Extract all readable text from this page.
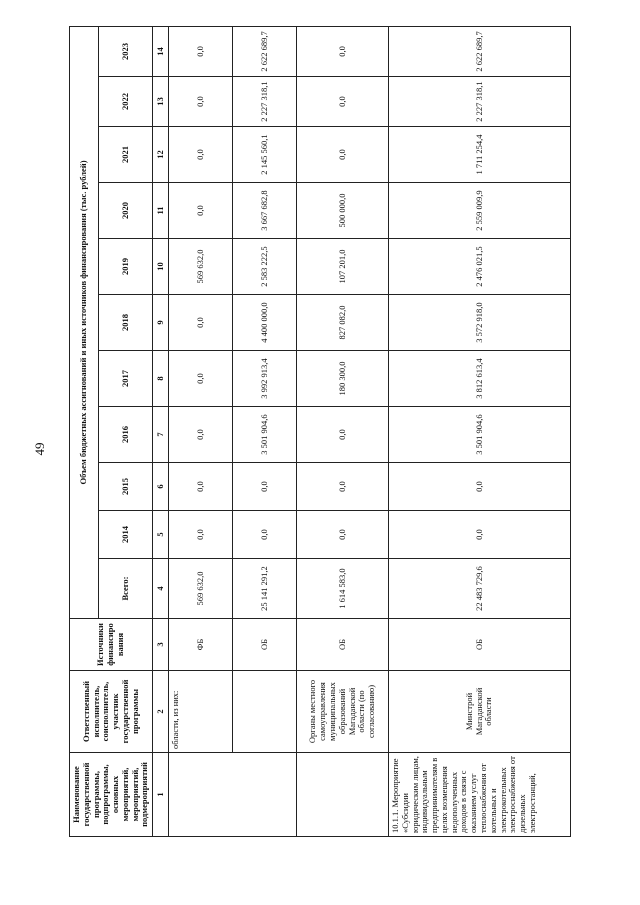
49
Наименование государственной программы, подпрограммы, основных мероприятий, мероприятий, подмероприятий	Ответственный исполнитель, соисполнитель, участник государственной программы	Источники финансирования	Объем бюджетных ассигнований и иных источников финансирования (тыс. рублей)										
			Всего:	2014	2015	2016	2017	2018	2019	2020	2021	2022	2023
1	2	3	4	5	6	7	8	9	10	11	12	13	14
	области, из них:	ФБ	569 632,0	0,0	0,0	0,0	0,0	0,0	569 632,0	0,0	0,0	0,0	0,0
		ОБ	25 141 291,2	0,0	0,0	3 501 904,6	3 992 913,4	4 400 000,0	2 583 222,5	3 667 682,8	2 145 560,1	2 227 318,1	2 622 689,7
	Органы местного самоуправления муниципальных образований Магаданской области (по согласованию)	ОБ	1 614 583,0	0,0	0,0	0,0	180 300,0	827 082,0	107 201,0	500 000,0	0,0	0,0	0,0
10.1.1. Мероприятие «Субсидии юридическим лицам, индивидуальным предпринимателям в целях возмещения недополученных доходов в связи с оказанием услуг теплоснабжения от котельных и электрокотельных электроснабжения от дизельных электростанций,	Минстрой Магаданской области	ОБ	22 483 729,6	0,0	0,0	3 501 904,6	3 812 613,4	3 572 918,0	2 476 021,5	2 559 009,9	1 711 254,4	2 227 318,1	2 622 689,7
